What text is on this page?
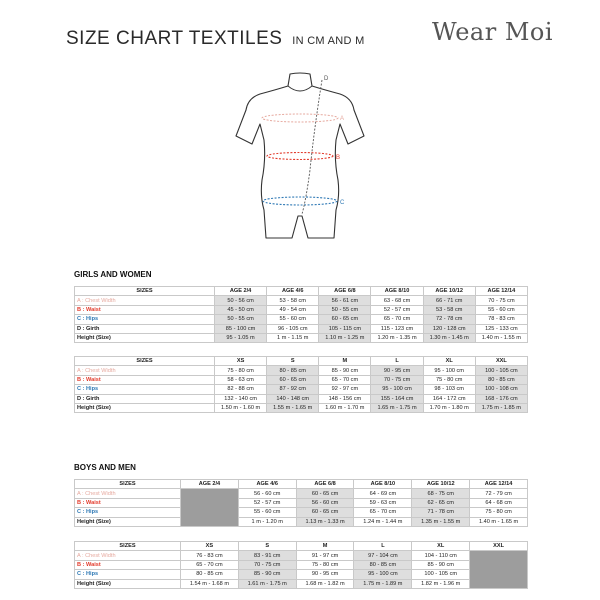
SIZE CHART TEXTILES IN CM AND M	Wear Moi
A
B
C
D
GIRLS AND WOMEN
SIZES	AGE 2/4	AGE 4/6	AGE 6/8	AGE 8/10	AGE 10/12	AGE 12/14
A : Chest Width	50 - 56 cm	53 - 58 cm	56 - 61 cm	63 - 68 cm	66 - 71 cm	70 - 75 cm
B : Waist	45 - 50 cm	49 - 54 cm	50 - 55 cm	52 - 57 cm	53 - 58 cm	55 - 60 cm
C : Hips	50 - 55 cm	55 - 60 cm	60 - 65 cm	65 - 70 cm	72 - 78 cm	78 - 83 cm
D : Girth	85 - 100 cm	96 - 105 cm	105 - 115 cm	115 - 123 cm	120 - 128 cm	125 - 133 cm
Height (Size)	95 - 1.05 m	1 m - 1.15 m	1.10 m - 1.25 m	1.20 m - 1.35 m	1.30 m - 1.45 m	1.40 m - 1.55 m
SIZES	XS	S	M	L	XL	XXL
A : Chest Width	75 - 80 cm	80 - 85 cm	85 - 90 cm	90 - 95 cm	95 - 100 cm	100 - 105 cm
B : Waist	58 - 63 cm	60 - 65 cm	65 - 70 cm	70 - 75 cm	75 - 80 cm	80 - 85 cm
C : Hips	82 - 88 cm	87 - 92 cm	92 - 97 cm	95 - 100 cm	98 - 103 cm	100 - 108 cm
D : Girth	132 - 140 cm	140 - 148 cm	148 - 156 cm	155 - 164 cm	164 - 172 cm	168 - 176 cm
Height (Size)	1.50 m - 1.60 m	1.55 m - 1.65 m	1.60 m - 1.70 m	1.65 m - 1.75 m	1.70 m - 1.80 m	1.75 m - 1.85 m
BOYS AND MEN
SIZES	AGE 2/4	AGE 4/6	AGE 6/8	AGE 8/10	AGE 10/12	AGE 12/14
A : Chest Width		56 - 60 cm	60 - 65 cm	64 - 69 cm	68 - 75 cm	72 - 79 cm
B : Waist		52 - 57 cm	56 - 60 cm	59 - 63 cm	62 - 65 cm	64 - 68 cm
C : Hips		55 - 60 cm	60 - 65 cm	65 - 70 cm	71 - 78 cm	75 - 80 cm
Height (Size)		1 m - 1.20 m	1.13 m - 1.33 m	1.24 m - 1.44 m	1.35 m - 1.55 m	1.40 m - 1.65 m
SIZES	XS	S	M	L	XL	XXL
A : Chest Width	76 - 83 cm	83 - 91 cm	91 - 97 cm	97 - 104 cm	104 - 110 cm	
B : Waist	65 - 70 cm	70 - 75 cm	75 - 80 cm	80 - 85 cm	85 - 90 cm	
C : Hips	80 - 85 cm	85 - 90 cm	90 - 95 cm	95 - 100 cm	100 - 105 cm	
Height (Size)	1.54 m - 1.68 m	1.61 m - 1.75 m	1.68 m - 1.82 m	1.75 m - 1.89 m	1.82 m - 1.96 m	
